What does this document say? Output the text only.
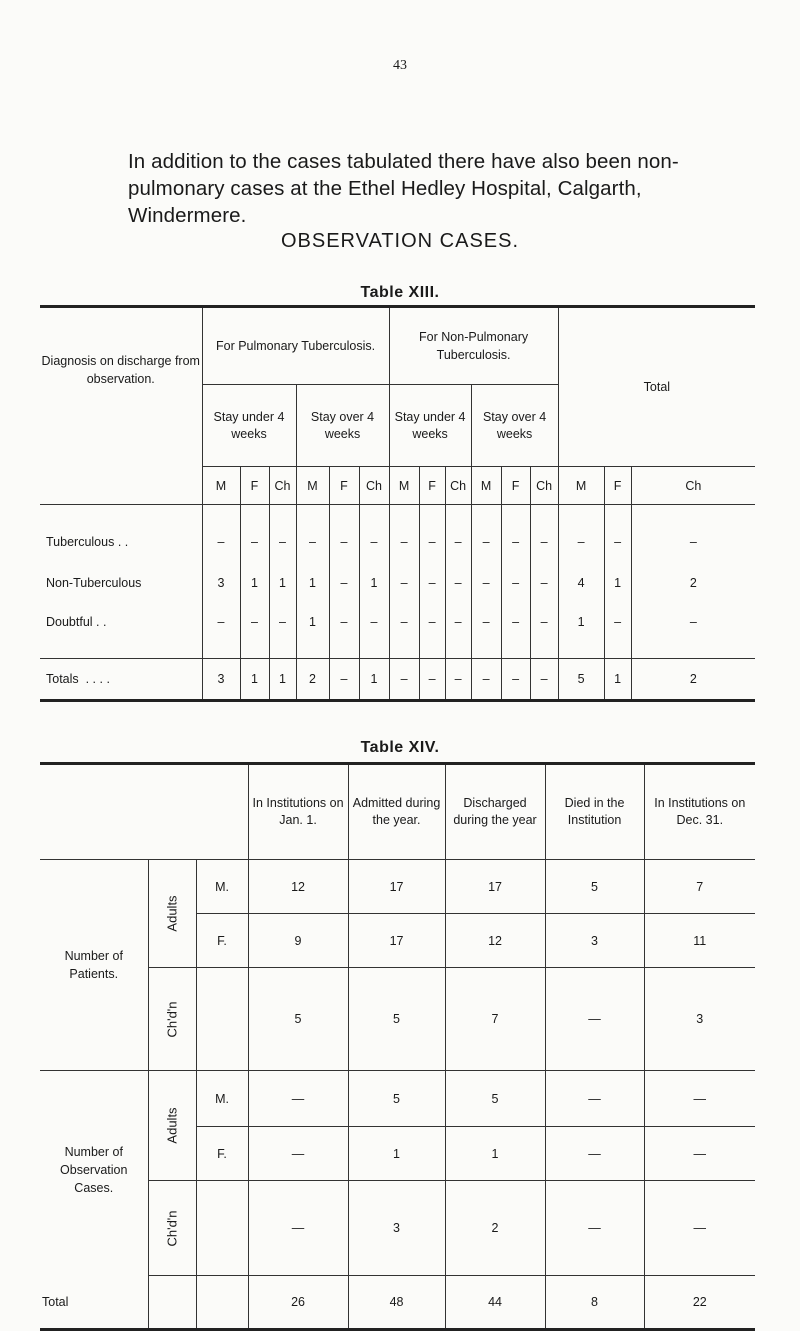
43
In addition to the cases tabulated there have also been non-pulmonary cases at the Ethel Hedley Hospital, Calgarth, Windermere.
OBSERVATION CASES.
Table XIII.
Diagnosis on discharge from observation.	For Pulmonary Tuberculosis.						For Non-Pulmonary Tuberculosis.						Total		
	Stay under 4 weeks			Stay over 4 weeks			Stay under 4 weeks			Stay over 4 weeks					
	M	F	Ch	M	F	Ch	M	F	Ch	M	F	Ch	M	F	Ch
Tuberculous . .	–	–	–	–	–	–	–	–	–	–	–	–	–	–	–
Non-Tuberculous	3	1	1	1	–	1	–	–	–	–	–	–	4	1	2
Doubtful . .	–	–	–	1	–	–	–	–	–	–	–	–	1	–	–
Totals . . . .	3	1	1	2	–	1	–	–	–	–	–	–	5	1	2
Table XIV.
			In Institutions on Jan. 1.	Admitted during the year.	Discharged during the year	Died in the Institution	In Institutions on Dec. 31.
Number of Patients.	Adults	M.	12	17	17	5	7
		F.	9	17	12	3	11
	Ch'd'n		5	5	7	—	3
Number of Observation Cases.	Adults	M.	—	5	5	—	—
		F.	—	1	1	—	—
	Ch'd'n		—	3	2	—	—
Total			26	48	44	8	22
